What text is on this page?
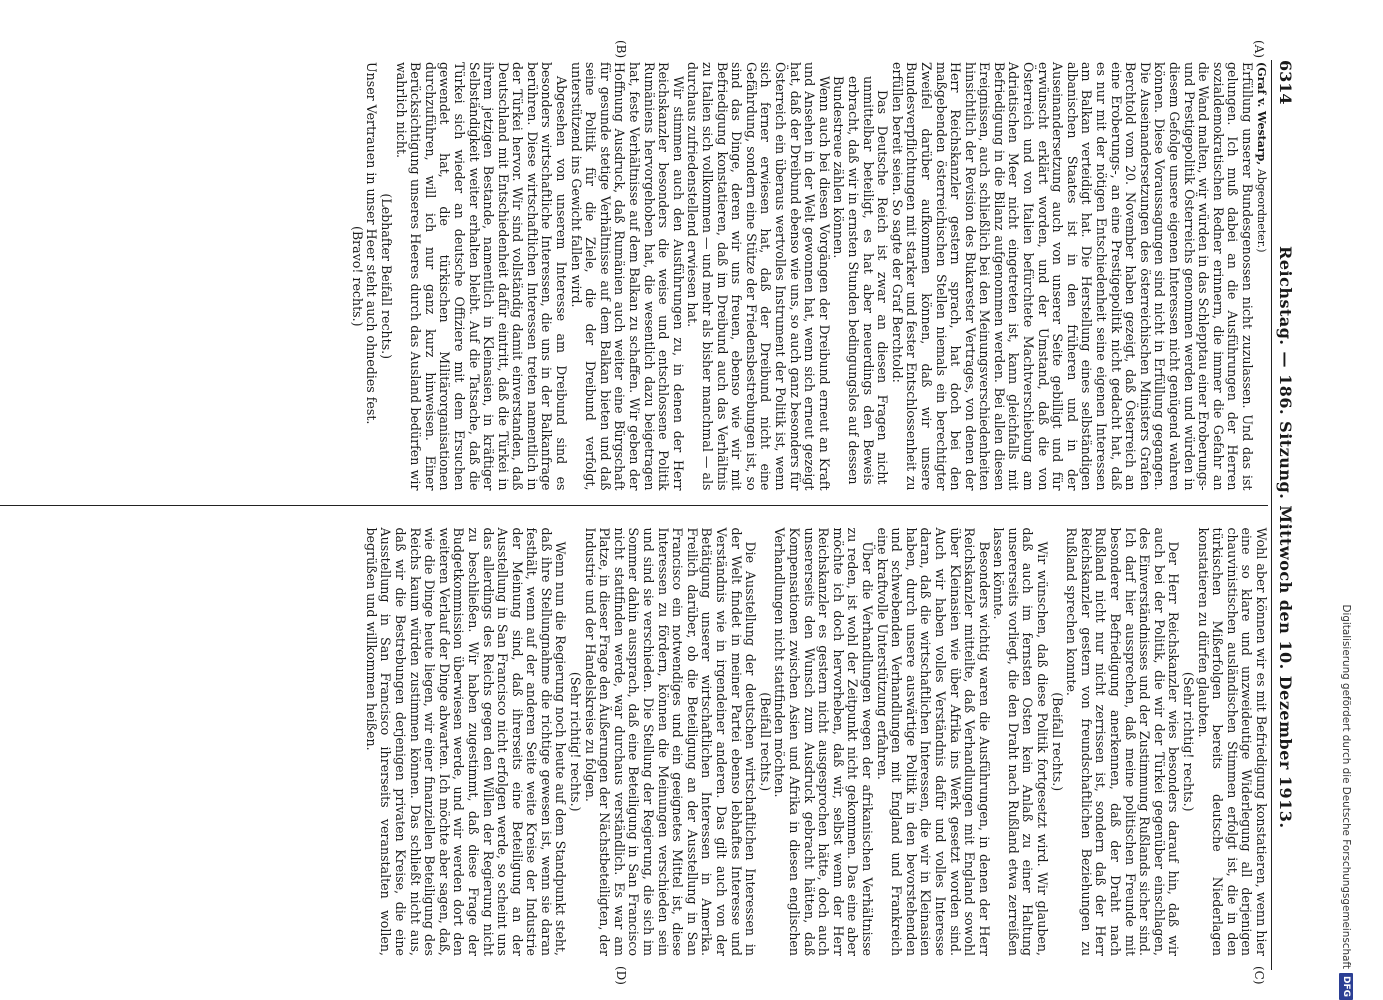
6314
Reichstag. — 186. Sitzung. Mittwoch den 10. Dezember 1913.
(A)
(B)
(Graf v. Westarp, Abgeordneter.)

Erfüllung unserer Bundesgenossen nicht zuzulassen. Und das ist gelungen. Ich muß dabei an die Ausführungen der Herren sozialdemokratischen Redner erinnern, die immer die Gefahr an die Wand malten, wir würden in das Schlepptau einer Eroberungs- und Prestigepolitik Österreichs genommen werden und würden in diesem Gefolge unsere eigenen Interessen nicht genügend wahren können. Diese Voraussagungen sind nicht in Erfüllung gegangen. Die Auseinandersetzungen des österreichischen Ministers Grafen Berchtold vom 20. November haben gezeigt, daß Österreich an eine Eroberungs-, an eine Prestigepolitik nicht gedacht hat, daß es nur mit der nötigen Entschiedenheit seine eigenen Interessen am Balkan verteidigt hat. Die Herstellung eines selbständigen albanischen Staates ist in den früheren und in der Auseinandersetzung auch von unserer Seite gebilligt und für erwünscht erklärt worden, und der Umstand, daß die von Österreich und von Italien befürchtete Machtverschiebung am Adriatischen Meer nicht eingetreten ist, kann gleichfalls mit Befriedigung in die Bilanz aufgenommen werden. Bei allen diesen Ereignissen, auch schließlich bei den Meinungsverschiedenheiten hinsichtlich der Revision des Bukarester Vertrages, von denen der Herr Reichskanzler gestern sprach, hat doch bei den maßgebenden österreichischen Stellen niemals ein berechtigter Zweifel darüber aufkommen können, daß wir unsere Bundesverpflichtungen mit starker und fester Entschlossenheit zu erfüllen bereit seien. So sagte der Graf Berchtold:

Das Deutsche Reich ist zwar an diesen Fragen nicht unmittelbar beteiligt, es hat aber neuerdings den Beweis erbracht, daß wir in ernsten Stunden bedingungslos auf dessen Bundestreue zählen können.

Wenn auch bei diesen Vorgängen der Dreibund erneut an Kraft und Ansehen in der Welt gewonnen hat, wenn sich erneut gezeigt hat, daß der Dreibund ebenso wie uns, so auch ganz besonders für Österreich ein überaus wertvolles Instrument der Politik ist, wenn sich ferner erwiesen hat, daß der Dreibund nicht eine Gefährdung, sondern eine Stütze der Friedensbestrebungen ist, so sind das Dinge, deren wir uns freuen, ebenso wie wir mit Befriedigung konstatieren, daß im Dreibund auch das Verhältnis zu Italien sich vollkommen — und mehr als bisher manchmal — als durchaus zufriedenstellend erwiesen hat.

Wir stimmen auch den Ausführungen zu, in denen der Herr Reichskanzler besonders die weise und entschlossene Politik Rumäniens hervorgehoben hat, die wesentlich dazu beigetragen hat, feste Verhältnisse auf dem Balkan zu schaffen. Wir geben der Hoffnung Ausdruck, daß Rumänien auch weiter eine Bürgschaft für gesunde stetige Verhältnisse auf dem Balkan bieten und daß seine Politik für die Ziele, die der Dreibund verfolgt, unterstützend ins Gewicht fallen wird.

Abgesehen von unserem Interesse am Dreibund sind es besonders wirtschaftliche Interessen, die uns in der Balkanfrage berühren. Diese wirtschaftlichen Interessen treten namentlich in der Türkei hervor. Wir sind vollständig damit einverstanden, daß Deutschland mit Entschiedenheit dafür eintritt, daß die Türkei in ihrem jetzigen Bestande, namentlich in Kleinasien, in kräftiger Selbständigkeit weiter erhalten bleibt. Auf die Tatsache, daß die Türkei sich wieder an deutsche Offiziere mit dem Ersuchen gewendet hat, die türkischen Militärorganisationen durchzuführen, will ich nur ganz kurz hinweisen. Einer Berücksichtigung unseres Heeres durch das Ausland bedürfen wir wahrlich nicht.

(Lebhafter Beifall rechts.)

Unser Vertrauen in unser Heer steht auch ohnedies fest.

(Bravo! rechts.)

(C)
(D)

Wohl aber können wir es mit Befriedigung konstatieren, wenn hier eine so klare und unzweideutige Widerlegung all derjenigen chauvinistischen ausländischen Stimmen erfolgt ist, die in den türkischen Mißerfolgen bereits deutsche Niederlagen konstatieren zu dürfen glaubten.

(Sehr richtig! rechts.)

Der Herr Reichskanzler wies besonders darauf hin, daß wir auch bei der Politik, die wir der Türkei gegenüber einschlagen, des Einverständnisses und der Zustimmung Rußlands sicher sind. Ich darf hier aussprechen, daß meine politischen Freunde mit besonderer Befriedigung anerkennen, daß der Draht nach Rußland nicht nur nicht zerrissen ist, sondern daß der Herr Reichskanzler gestern von freundschaftlichen Beziehungen zu Rußland sprechen konnte.

(Beifall rechts.)

Wir wünschen, daß diese Politik fortgesetzt wird. Wir glauben, daß auch im fernsten Osten kein Anlaß zu einer Haltung unsererseits vorliegt, die den Draht nach Rußland etwa zerreißen lassen könnte.

Besonders wichtig waren die Ausführungen, in denen der Herr Reichskanzler mitteilte, daß Verhandlungen mit England sowohl über Kleinasien wie über Afrika ins Werk gesetzt worden sind. Auch wir haben volles Verständnis dafür und volles Interesse daran, daß die wirtschaftlichen Interessen, die wir in Kleinasien haben, durch unsere auswärtige Politik in den bevorstehenden und schwebenden Verhandlungen mit England und Frankreich eine kraftvolle Unterstützung erfahren.

Über die Verhandlungen wegen der afrikanischen Verhältnisse zu reden, ist wohl der Zeitpunkt nicht gekommen. Das eine aber möchte ich doch hervorheben, daß wir, selbst wenn der Herr Reichskanzler es gestern nicht ausgesprochen hätte, doch auch unsererseits den Wunsch zum Ausdruck gebracht hätten, daß Kompensationen zwischen Asien und Afrika in diesen englischen Verhandlungen nicht stattfinden möchten.

(Beifall rechts.)

Die Ausstellung der deutschen wirtschaftlichen Interessen in der Welt findet in meiner Partei ebenso lebhaftes Interesse und Verständnis wie in irgendeiner anderen. Das gilt auch von der Betätigung unserer wirtschaftlichen Interessen in Amerika. Freilich darüber, ob die Beteiligung an der Ausstellung in San Francisco ein notwendiges und ein geeignetes Mittel ist, diese Interessen zu fördern, können die Meinungen verschieden sein und sind sie verschieden. Die Stellung der Regierung, die sich im Sommer dahin aussprach, daß eine Beteiligung in San Francisco nicht stattfinden werde, war durchaus verständlich. Es war am Platze, in dieser Frage den Äußerungen der Nächstbeteiligten, der Industrie und der Handelskreise zu folgen.

(Sehr richtig! rechts.)

Wenn nun die Regierung noch heute auf dem Standpunkt steht, daß ihre Stellungnahme die richtige gewesen ist, wenn sie daran festhält, wenn auf der anderen Seite weite Kreise der Industrie der Meinung sind, daß ihrerseits eine Beteiligung an der Ausstellung in San Francisco nicht erfolgen werde, so scheint uns das allerdings des Reichs gegen den Willen der Regierung nicht zu beschließen. Wir haben zugestimmt, daß diese Frage der Budgetkommission überwiesen werde, und wir werden dort den weiteren Verlauf der Dinge abwarten. Ich möchte aber sagen, daß, wie die Dinge heute liegen, wir einer finanziellen Beteiligung des Reichs kaum würden zustimmen können. Das schließt nicht aus, daß wir die Bestrebungen derjenigen privaten Kreise, die eine Ausstellung in San Francisco ihrerseits veranstalten wollen, begrüßen und willkommen heißen.	Digitalisierung gefördert durch die Deutsche Forschungsgemeinschaft
DFG
